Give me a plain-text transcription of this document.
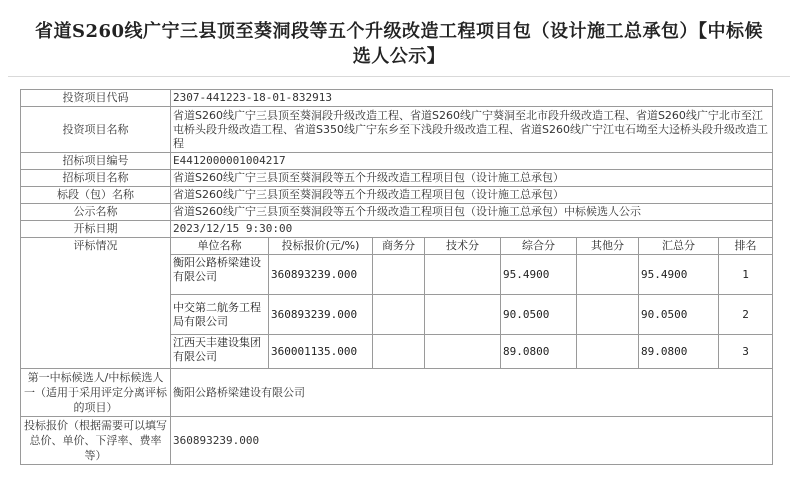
省道S260线广宁三县顶至葵洞段等五个升级改造工程项目包（设计施工总承包）【中标候选人公示】
投资项目代码	2307-441223-18-01-832913							
投资项目名称	省道S260线广宁三县顶至葵洞段升级改造工程、省道S260线广宁葵洞至北市段升级改造工程、省道S260线广宁北市至江屯桥头段升级改造工程、省道S350线广宁东乡至下浅段升级改造工程、省道S260线广宁江屯石坳至大迳桥头段升级改造工程							
招标项目编号	E4412000001004217							
招标项目名称	省道S260线广宁三县顶至葵洞段等五个升级改造工程项目包（设计施工总承包）							
标段（包）名称	省道S260线广宁三县顶至葵洞段等五个升级改造工程项目包（设计施工总承包）							
公示名称	省道S260线广宁三县顶至葵洞段等五个升级改造工程项目包（设计施工总承包）中标候选人公示							
开标日期	2023/12/15 9:30:00							
评标情况	单位名称	投标报价(元/%)	商务分	技术分	综合分	其他分	汇总分	排名
	衡阳公路桥梁建设有限公司	360893239.000			95.4900		95.4900	1
	中交第二航务工程局有限公司	360893239.000			90.0500		90.0500	2
	江西天丰建设集团有限公司	360001135.000			89.0800		89.0800	3
第一中标候选人/中标候选人一（适用于采用评定分离评标的项目）	衡阳公路桥梁建设有限公司							
投标报价（根据需要可以填写总价、单价、下浮率、费率等）	360893239.000							
